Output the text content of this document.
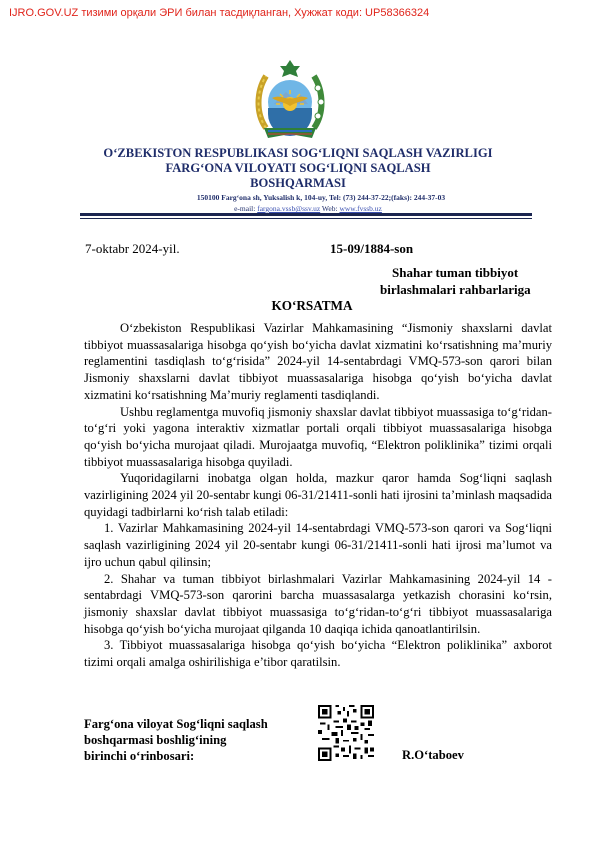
IJRO.GOV.UZ тизими орқали ЭРИ билан тасдиқланган, Хужжат коди: UP58366324
O‘ZBEKISTON RESPUBLIKASI SOG‘LIQNI SAQLASH VAZIRLIGI
FARG‘ONA VILOYATI SOG‘LIQNI SAQLASH
BOSHQARMASI
150100 Farg‘ona sh, Yuksalish k, 104-uy, Tel: (73) 244-37-22;(faks): 244-37-03
e-mail: fargona.vssb@ssv.uz Web: www.fvssb.uz
7-oktabr 2024-yil.	15-09/1884-son
Shahar tuman tibbiyot
birlashmalari rahbarlariga
KO‘RSATMA

O‘zbekiston Respublikasi Vazirlar Mahkamasining “Jismoniy shaxslarni davlat tibbiyot muassasalariga hisobga qo‘yish bo‘yicha davlat xizmatini ko‘rsatishning ma’muriy reglamentini tasdiqlash to‘g‘risida” 2024-yil 14-sentabrdagi VMQ-573-son qarori bilan Jismoniy shaxslarni davlat tibbiyot muassasalariga hisobga qo‘yish bo‘yicha davlat xizmatini ko‘rsatishning Ma’muriy reglamenti tasdiqlandi.

Ushbu reglamentga muvofiq jismoniy shaxslar davlat tibbiyot muassasiga to‘g‘ridan-to‘g‘ri yoki yagona interaktiv xizmatlar portali orqali tibbiyot muassasalariga hisobga qo‘yish bo‘yicha murojaat qiladi. Murojaatga muvofiq, “Elektron poliklinika” tizimi orqali tibbiyot muassasalariga hisobga quyiladi.

Yuqoridagilarni inobatga olgan holda, mazkur qaror hamda Sog‘liqni saqlash vazirligining 2024 yil 20-sentabr kungi 06-31/21411-sonli hati ijrosini ta’minlash maqsadida quyidagi tadbirlarni ko‘rish talab etiladi:

1. Vazirlar Mahkamasining 2024-yil 14-sentabrdagi VMQ-573-son qarori va Sog‘liqni saqlash vazirligining 2024 yil 20-sentabr kungi 06-31/21411-sonli hati ijrosi ma’lumot va ijro uchun qabul qilinsin;

2. Shahar va tuman tibbiyot birlashmalari Vazirlar Mahkamasining 2024-yil 14 -sentabrdagi VMQ-573-son qarorini barcha muassasalarga yetkazish chorasini ko‘rsin, jismoniy shaxslar davlat tibbiyot muassasiga to‘g‘ridan-to‘g‘ri tibbiyot muassasalariga hisobga qo‘yish bo‘yicha murojaat qilganda 10 daqiqa ichida qanoatlantirilsin.

3. Tibbiyot muassasalariga hisobga qo‘yish bo‘yicha “Elektron poliklinika” axborot tizimi orqali amalga oshirilishiga e’tibor qaratilsin.

Farg‘ona viloyat Sog‘liqni saqlash
boshqarmasi boshlig‘ining
birinchi o‘rinbosari:	R.O‘taboev
